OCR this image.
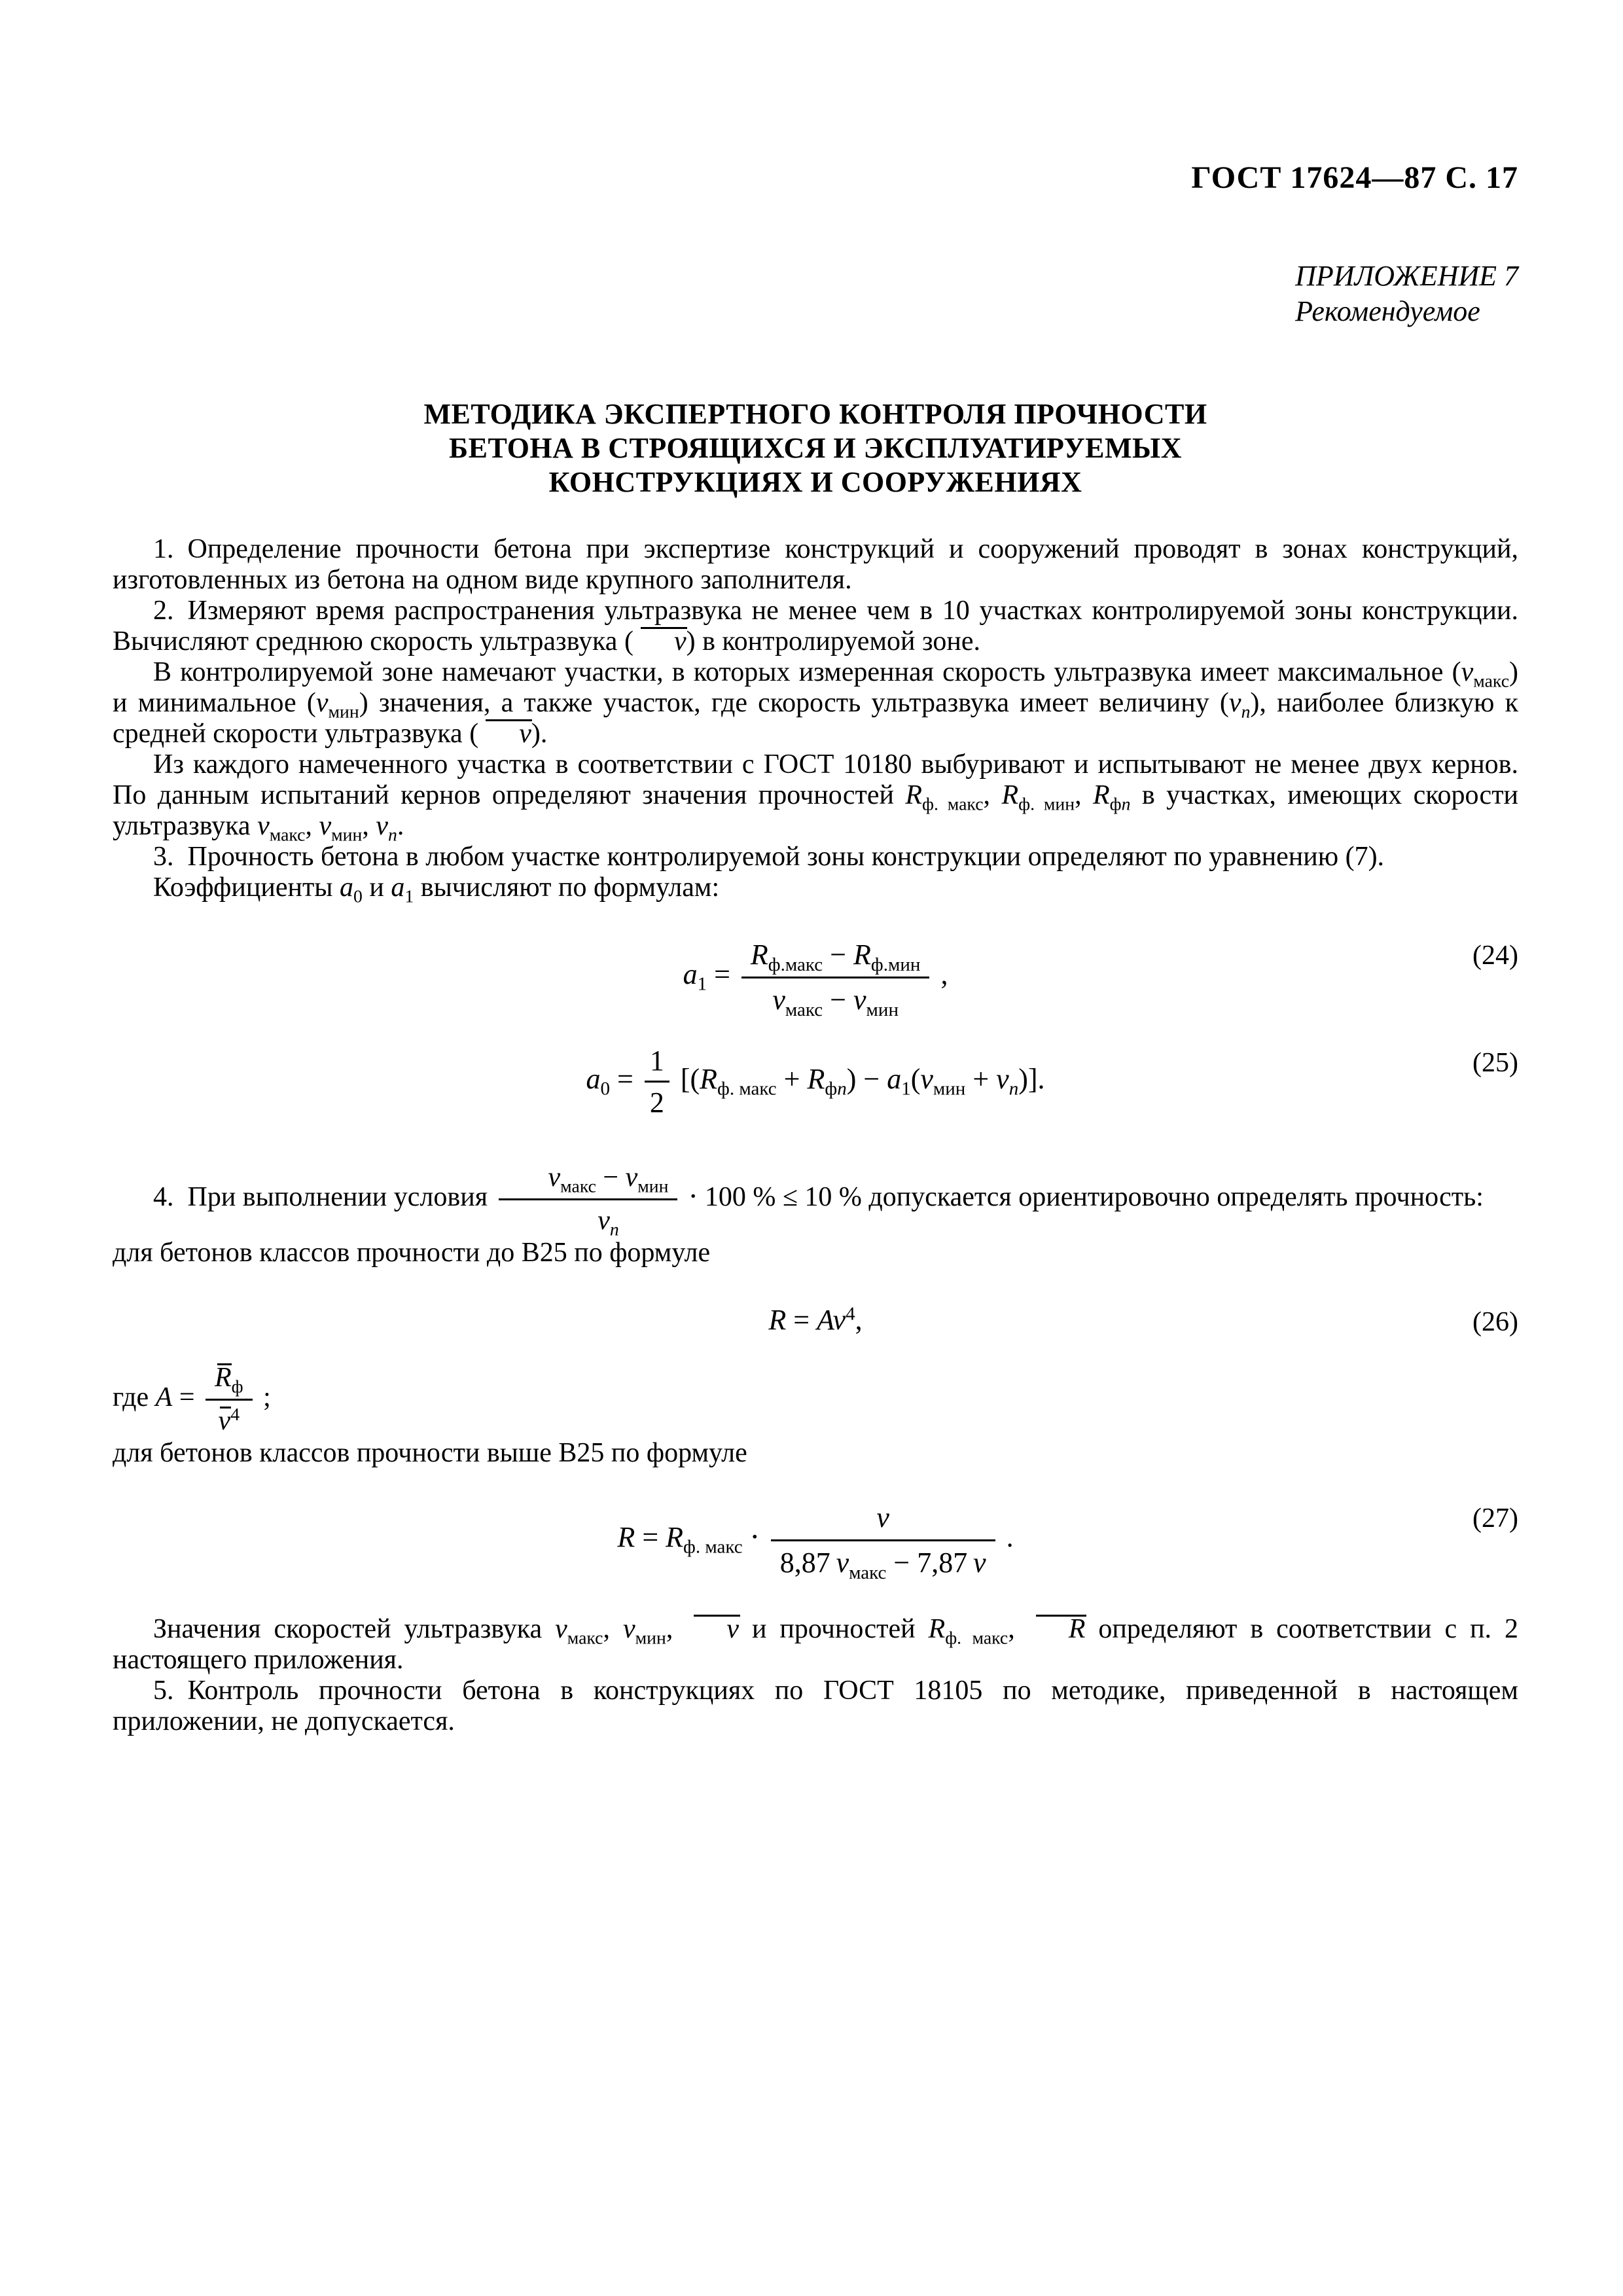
ГОСТ 17624—87 С. 17
ПРИЛОЖЕНИЕ 7
Рекомендуемое
МЕТОДИКА ЭКСПЕРТНОГО КОНТРОЛЯ ПРОЧНОСТИ
БЕТОНА В СТРОЯЩИХСЯ И ЭКСПЛУАТИРУЕМЫХ
КОНСТРУКЦИЯХ И СООРУЖЕНИЯХ

1. Определение прочности бетона при экспертизе конструкций и сооружений проводят в зонах конструкций, изготовленных из бетона на одном виде крупного заполнителя.

2. Измеряют время распространения ультразвука не менее чем в 10 участках контролируемой зоны конструкции. Вычисляют среднюю скорость ультразвука ( v) в контролируемой зоне.

В контролируемой зоне намечают участки, в которых измеренная скорость ультразвука имеет максимальное $(v_{макс})$ и минимальное $(v_{мин})$ значения, а также участок, где скорость ультразвука имеет величину $(v_n)$, наиболее близкую к средней скорости ультразвука ( v).

Из каждого намеченного участка в соответствии с ГОСТ 10180 выбуривают и испытывают не менее двух кернов. По данным испытаний кернов определяют значения прочностей $R_{ф. макс}$, $R_{ф. мин}$, $R_{фn}$ в участках, имеющих скорости ультразвука $v_{макс}$, $v_{мин}$, $v_n$.

3. Прочность бетона в любом участке контролируемой зоны конструкции определяют по уравнению (7).

Коэффициенты $a_0$ и $a_1$ вычисляют по формулам:

$a_1 = \frac{R_{ф.макс} - R_{ф.мин}}{v_{макс} - v_{мин}}$ ,
(24)
$a_0 = \frac{1}{2} [(R_{ф. макс} + R_{фn}) - a_1(v_{мин} + v_n)]$.	(25)

4. При выполнении условия $\frac{v_{макс} - v_{мин}}{v_n} \cdot 100$ % ≤ 10 % допускается ориентировочно определять прочность:

для бетонов классов прочности до В25 по формуле

$R = Av^4$,	(26)

где $A = \frac{R_ф}{v^4}$ ;

для бетонов классов прочности выше В25 по формуле

$R = R_{ф. макс} \cdot \frac{v}{8,87 v_{макс} - 7,87 v}$ .
(27)

Значения скоростей ультразвука $v_{макс}$, $v_{мин}$, v и прочностей $R_{ф. макс}$, R определяют в соответствии с п. 2 настоящего приложения.

5. Контроль прочности бетона в конструкциях по ГОСТ 18105 по методике, приведенной в настоящем приложении, не допускается.
